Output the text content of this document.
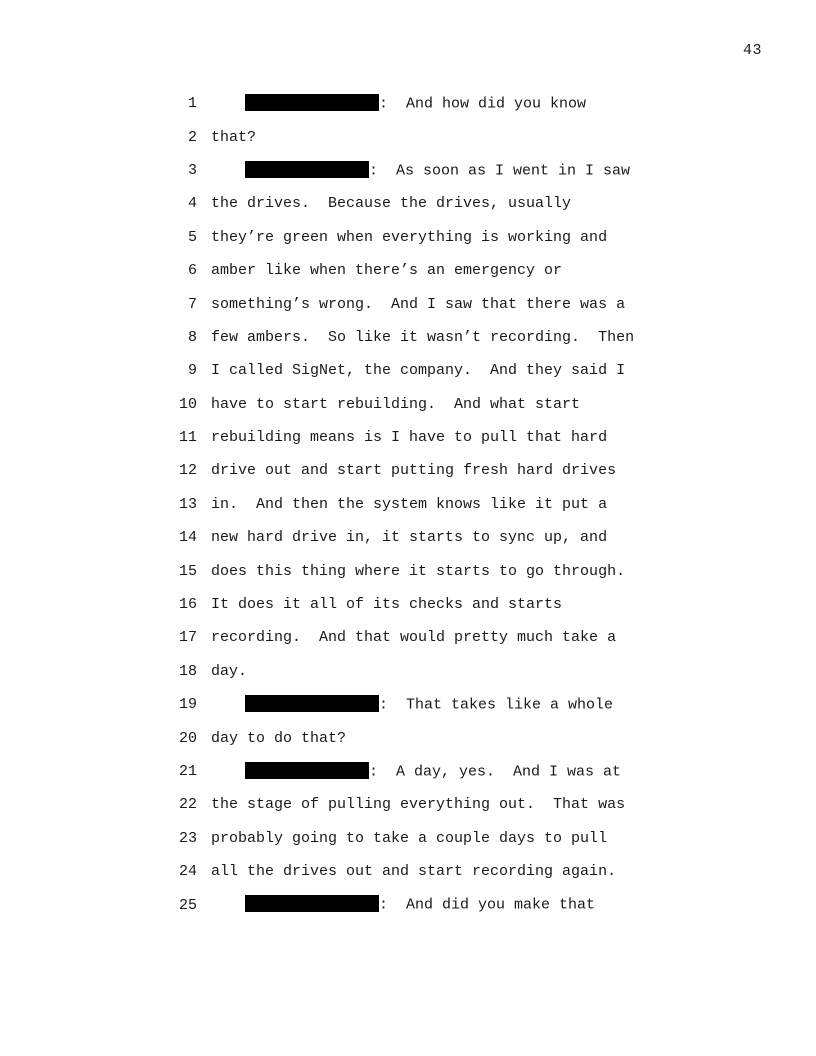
43
1	:  And how did you know
2 that?
3	:  As soon as I went in I saw
4 the drives.  Because the drives, usually
5 they’re green when everything is working and
6 amber like when there’s an emergency or
7 something’s wrong.  And I saw that there was a
8 few ambers.  So like it wasn’t recording.  Then
9 I called SigNet, the company.  And they said I
10 have to start rebuilding.  And what start
11 rebuilding means is I have to pull that hard
12 drive out and start putting fresh hard drives
13 in.  And then the system knows like it put a
14 new hard drive in, it starts to sync up, and
15 does this thing where it starts to go through.
16 It does it all of its checks and starts
17 recording.  And that would pretty much take a
18 day.
19	:  That takes like a whole
20 day to do that?
21	:  A day, yes.  And I was at
22 the stage of pulling everything out.  That was
23 probably going to take a couple days to pull
24 all the drives out and start recording again.
25	:  And did you make that
